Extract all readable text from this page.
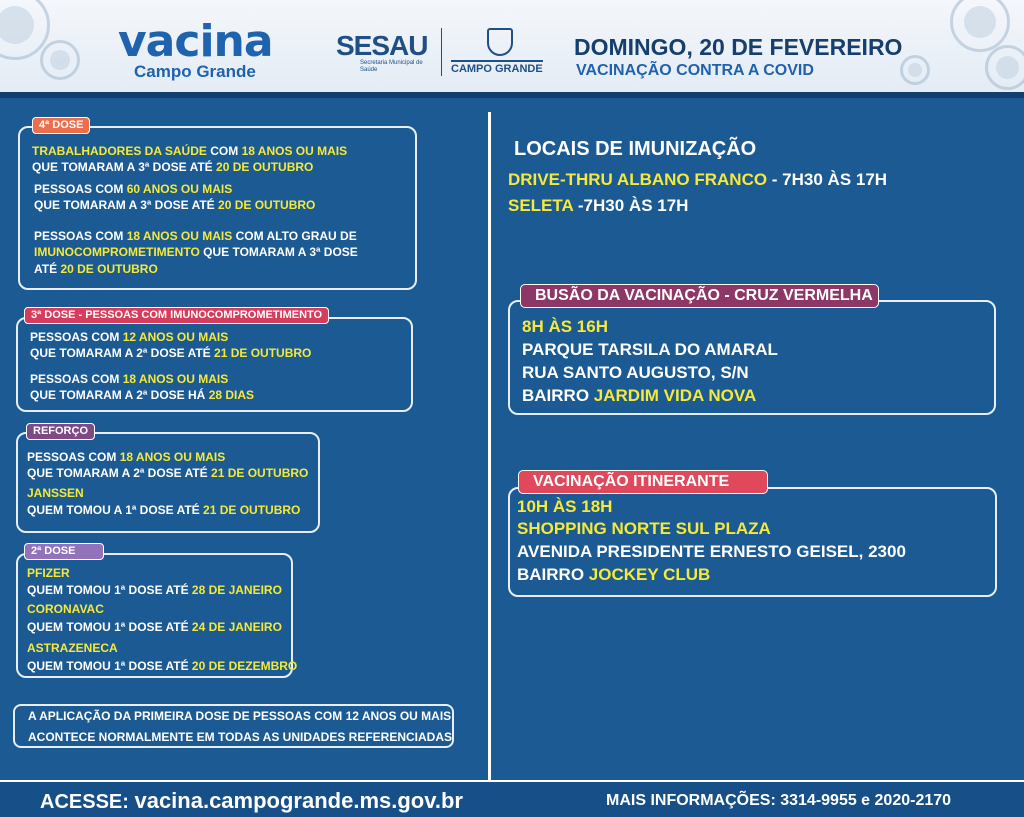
vacina
Campo Grande
SESAU
Secretaria Municipal de Saúde	CAMPO GRANDE
DOMINGO, 20 DE FEVEREIRO
VACINAÇÃO CONTRA A COVID
4ª DOSE
TRABALHADORES DA SAÚDE COM 18 ANOS OU MAIS
QUE TOMARAM A 3ª DOSE ATÉ 20 DE OUTUBRO
PESSOAS COM 60 ANOS OU MAIS
QUE TOMARAM A 3ª DOSE ATÉ 20 DE OUTUBRO
PESSOAS COM 18 ANOS OU MAIS COM ALTO GRAU DE
IMUNOCOMPROMETIMENTO QUE TOMARAM A 3ª DOSE
ATÉ 20 DE OUTUBRO
3ª DOSE - PESSOAS COM IMUNOCOMPROMETIMENTO
PESSOAS COM 12 ANOS OU MAIS
QUE TOMARAM A 2ª DOSE ATÉ 21 DE OUTUBRO
PESSOAS COM 18 ANOS OU MAIS
QUE TOMARAM A 2ª DOSE HÁ 28 DIAS
REFORÇO
PESSOAS COM 18 ANOS OU MAIS
QUE TOMARAM A 2ª DOSE ATÉ 21 DE OUTUBRO
JANSSEN
QUEM TOMOU A 1ª DOSE ATÉ 21 DE OUTUBRO
2ª DOSE
PFIZER
QUEM TOMOU 1ª DOSE ATÉ 28 DE JANEIRO
CORONAVAC
QUEM TOMOU 1ª DOSE ATÉ 24 DE JANEIRO
ASTRAZENECA
QUEM TOMOU 1ª DOSE ATÉ 20 DE DEZEMBRO
A APLICAÇÃO DA PRIMEIRA DOSE DE PESSOAS COM 12 ANOS OU MAIS
ACONTECE NORMALMENTE EM TODAS AS UNIDADES REFERENCIADAS
LOCAIS DE IMUNIZAÇÃO
DRIVE-THRU ALBANO FRANCO - 7H30 ÀS 17H
SELETA -7H30 ÀS 17H
BUSÃO DA VACINAÇÃO - CRUZ VERMELHA
8H ÀS 16H
PARQUE TARSILA DO AMARAL
RUA SANTO AUGUSTO, S/N
BAIRRO JARDIM VIDA NOVA
VACINAÇÃO ITINERANTE
10H ÀS 18H
SHOPPING NORTE SUL PLAZA
AVENIDA PRESIDENTE ERNESTO GEISEL, 2300
BAIRRO JOCKEY CLUB
ACESSE: vacina.campogrande.ms.gov.br	MAIS INFORMAÇÕES: 3314-9955 e 2020-2170
